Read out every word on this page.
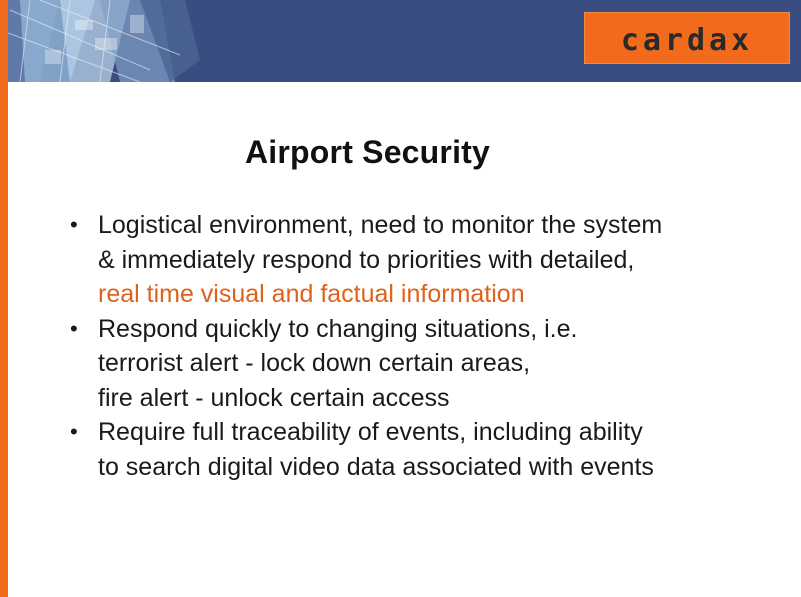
cardax
Airport Security
• Logistical environment, need to monitor the system
& immediately respond to priorities with detailed,
real time visual and factual information
• Respond quickly to changing situations, i.e.
terrorist alert - lock down certain areas,
fire alert - unlock certain access
• Require full traceability of events, including ability
to search digital video data associated with events
